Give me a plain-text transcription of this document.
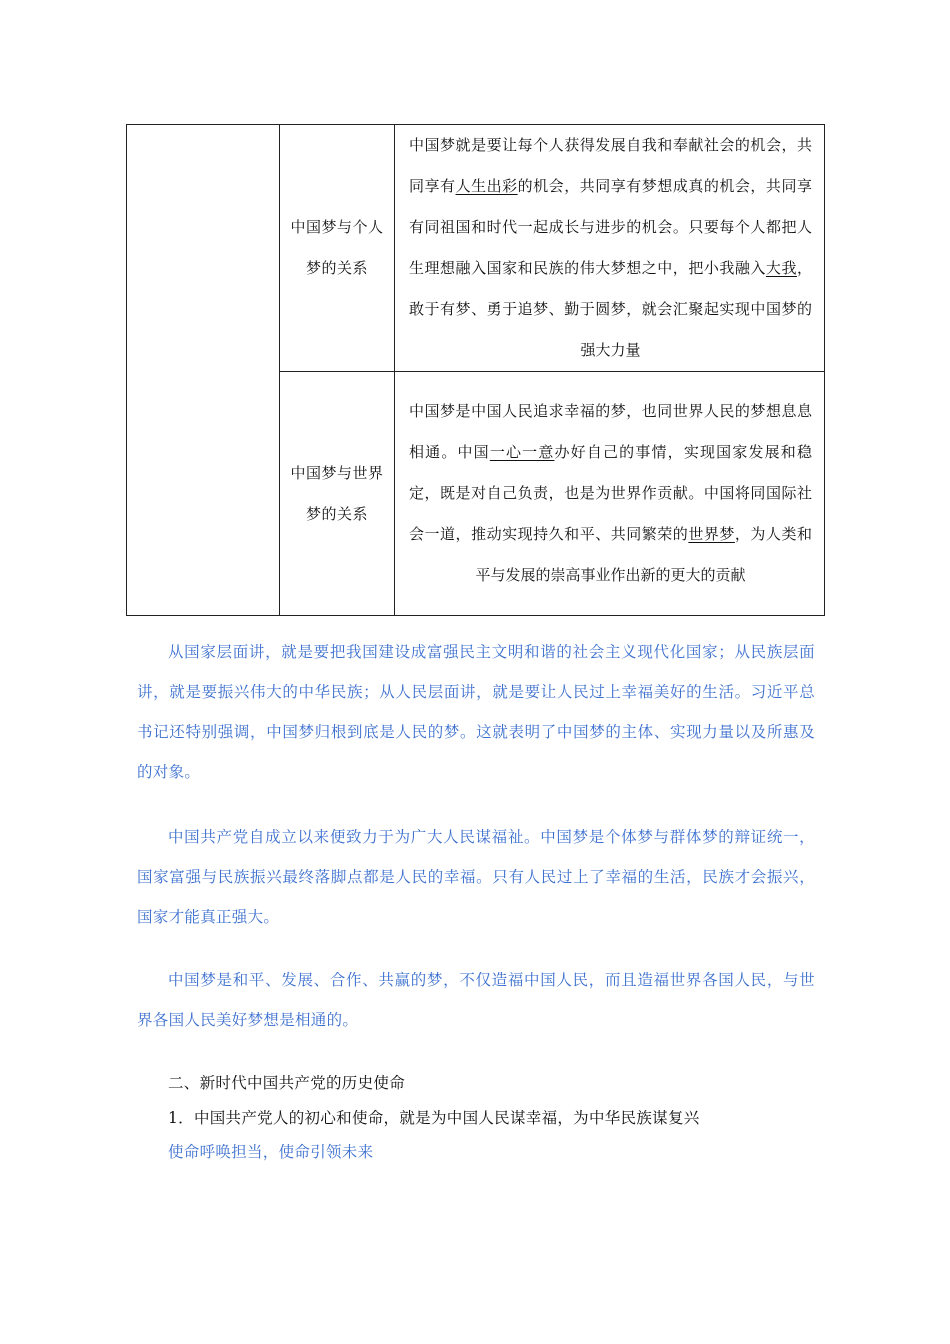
	中国梦与个人梦的关系	中国梦就是要让每个人获得发展自我和奉献社会的机会，共同享有人生出彩的机会，共同享有梦想成真的机会，共同享有同祖国和时代一起成长与进步的机会。只要每个人都把人生理想融入国家和民族的伟大梦想之中，把小我融入大我，敢于有梦、勇于追梦、勤于圆梦，就会汇聚起实现中国梦的强大力量

	中国梦与世界梦的关系	中国梦是中国人民追求幸福的梦，也同世界人民的梦想息息相通。中国一心一意办好自己的事情，实现国家发展和稳定，既是对自己负责，也是为世界作贡献。中国将同国际社会一道，推动实现持久和平、共同繁荣的世界梦，为人类和平与发展的崇高事业作出新的更大的贡献
从国家层面讲，就是要把我国建设成富强民主文明和谐的社会主义现代化国家；从民族层面讲，就是要振兴伟大的中华民族；从人民层面讲，就是要让人民过上幸福美好的生活。习近平总书记还特别强调，中国梦归根到底是人民的梦。这就表明了中国梦的主体、实现力量以及所惠及的对象。
中国共产党自成立以来便致力于为广大人民谋福祉。中国梦是个体梦与群体梦的辩证统一，国家富强与民族振兴最终落脚点都是人民的幸福。只有人民过上了幸福的生活，民族才会振兴，国家才能真正强大。
中国梦是和平、发展、合作、共赢的梦，不仅造福中国人民，而且造福世界各国人民，与世界各国人民美好梦想是相通的。
二、新时代中国共产党的历史使命
1．中国共产党人的初心和使命，就是为中国人民谋幸福，为中华民族谋复兴
使命呼唤担当，使命引领未来
